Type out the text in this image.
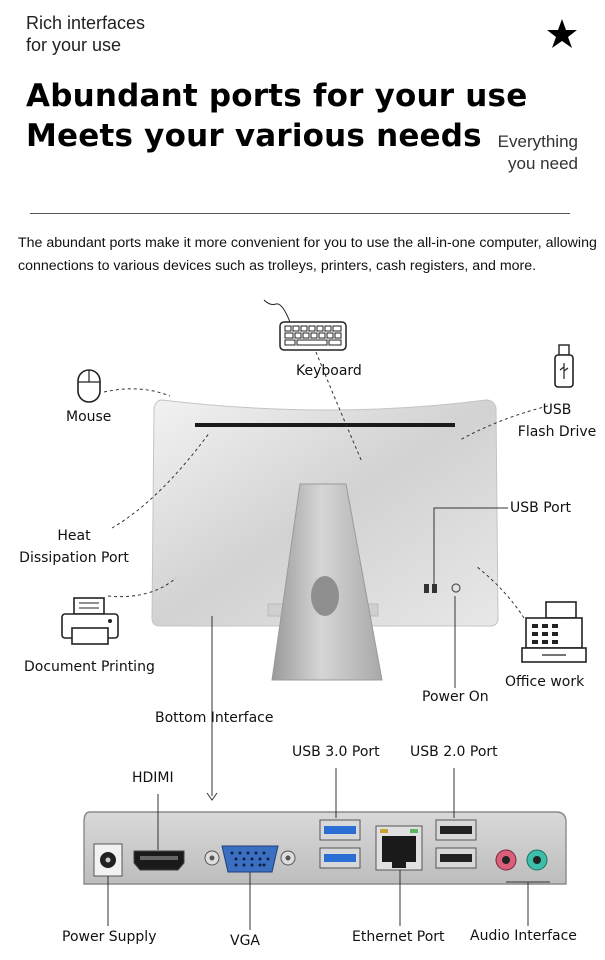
Rich interfaces
for your use
Abundant ports for your use
Meets your various needs Everything
you need
The abundant ports make it more convenient for you to use the all-in-one computer, allowing connections to various devices such as trolleys, printers, cash registers, and more.
Keyboard
Mouse	USB
Flash Drive
USB Port
Heat
Dissipation Port
Document Printing
Office work
Power On
Bottom Interface
USB 3.0 Port USB 2.0 Port
HDIMI
Power Supply	VGA	Ethernet Port Audio Interface
